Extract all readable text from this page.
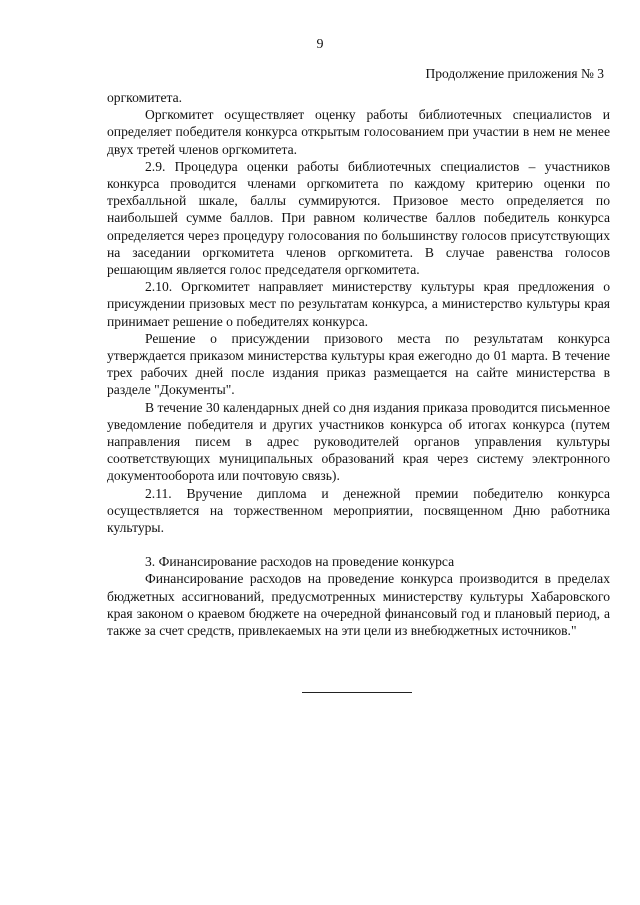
9
Продолжение приложения № 3

оргкомитета.

Оргкомитет осуществляет оценку работы библиотечных специалистов и определяет победителя конкурса открытым голосованием при участии в нем не менее двух третей членов оргкомитета.

2.9. Процедура оценки работы библиотечных специалистов – участников конкурса проводится членами оргкомитета по каждому критерию оценки по трехбалльной шкале, баллы суммируются. Призовое место определяется по наибольшей сумме баллов. При равном количестве баллов победитель конкурса определяется через процедуру голосования по большинству голосов присутствующих на заседании оргкомитета членов оргкомитета. В случае равенства голосов решающим является голос председателя оргкомитета.

2.10. Оргкомитет направляет министерству культуры края предложения о присуждении призовых мест по результатам конкурса, а министерство культуры края принимает решение о победителях конкурса.

Решение о присуждении призового места по результатам конкурса утверждается приказом министерства культуры края ежегодно до 01 марта. В течение трех рабочих дней после издания приказ размещается на сайте министерства в разделе "Документы".

В течение 30 календарных дней со дня издания приказа проводится письменное уведомление победителя и других участников конкурса об итогах конкурса (путем направления писем в адрес руководителей органов управления культуры соответствующих муниципальных образований края через систему электронного документооборота или почтовую связь).

2.11. Вручение диплома и денежной премии победителю конкурса осуществляется на торжественном мероприятии, посвященном Дню работника культуры.

3. Финансирование расходов на проведение конкурса

Финансирование расходов на проведение конкурса производится в пределах бюджетных ассигнований, предусмотренных министерству культуры Хабаровского края законом о краевом бюджете на очередной финансовый год и плановый период, а также за счет средств, привлекаемых на эти цели из внебюджетных источников."
